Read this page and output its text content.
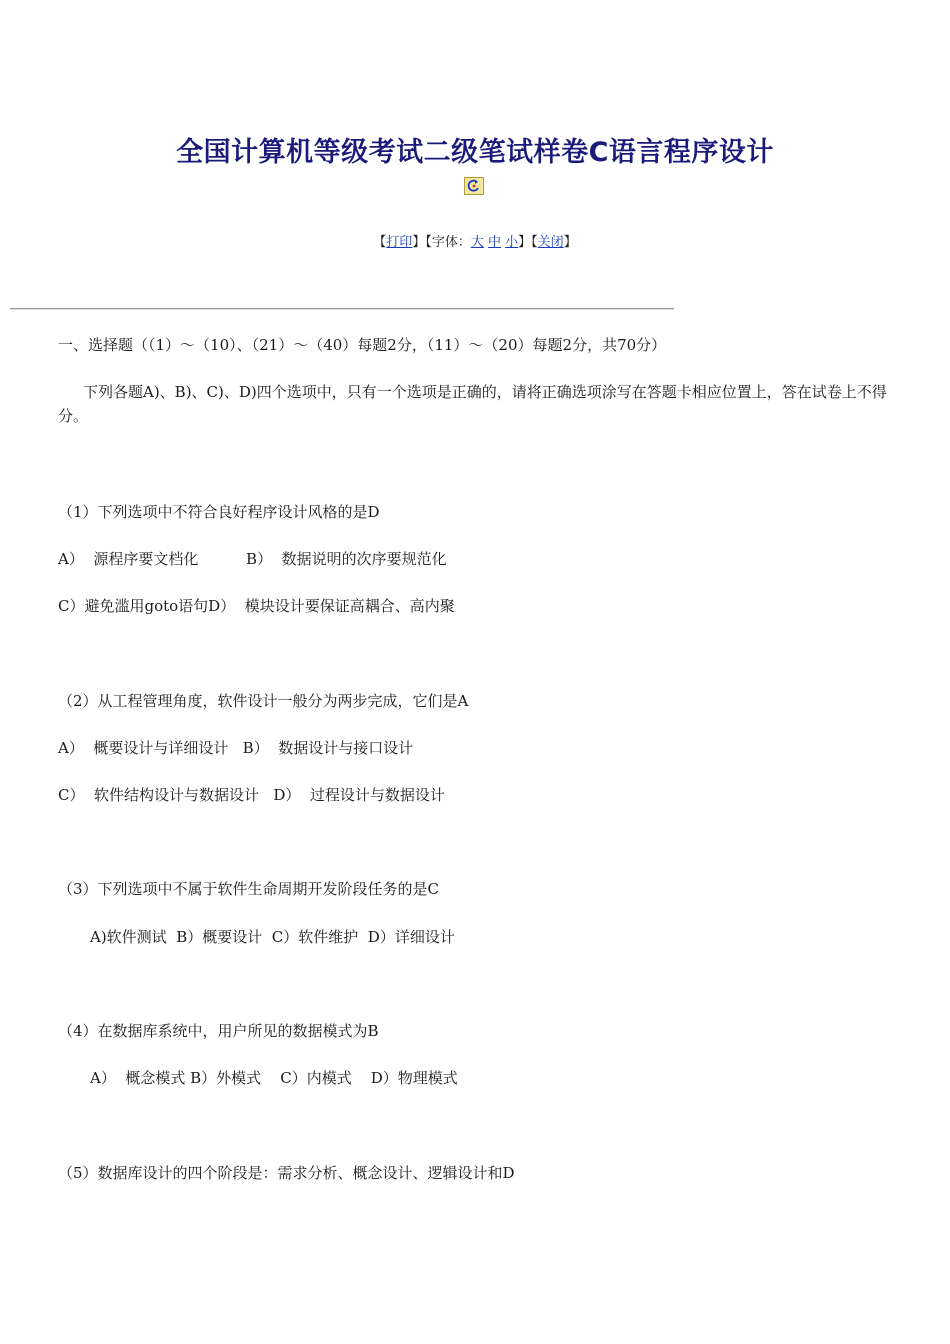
全国计算机等级考试二级笔试样卷C语言程序设计
【打印】【字体：大 中 小】【关闭】
一、选择题（（1）～（10）、（21）～（40）每题2分，（11）～（20）每题2分，共70分）
下列各题A)、B)、C)、D)四个选项中，只有一个选项是正确的，请将正确选项涂写在答题卡相应位置上，答在试卷上不得分。
（1）下列选项中不符合良好程序设计风格的是D
A）  源程序要文档化          B）  数据说明的次序要规范化
C）避免滥用goto语句D）  模块设计要保证高耦合、高内聚
（2）从工程管理角度，软件设计一般分为两步完成，它们是A
A）  概要设计与详细设计   B）  数据设计与接口设计
C）  软件结构设计与数据设计   D）  过程设计与数据设计
（3）下列选项中不属于软件生命周期开发阶段任务的是C
A)软件测试  B）概要设计  C）软件维护  D）详细设计
（4）在数据库系统中，用户所见的数据模式为B
A）  概念模式 B）外模式    C）内模式    D）物理模式
（5）数据库设计的四个阶段是：需求分析、概念设计、逻辑设计和D
